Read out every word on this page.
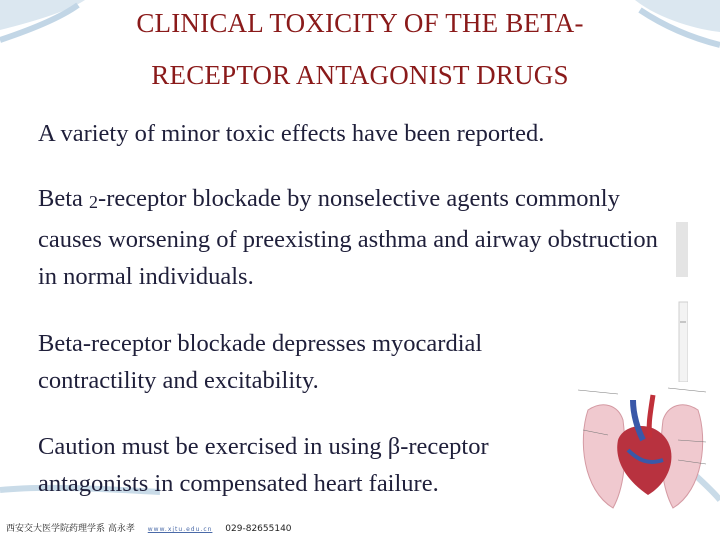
CLINICAL TOXICITY OF THE BETA-
RECEPTOR ANTAGONIST DRUGS
A variety of minor toxic effects have been reported.
Beta 2-receptor blockade by nonselective agents commonly causes worsening of preexisting asthma and airway obstruction in normal individuals.
Beta-receptor blockade depresses myocardial contractility and excitability.
Caution must be exercised in using β-receptor antagonists in compensated heart failure.
西安交大医学院药理学系 高永孝 www.xjtu.edu.cn 029-82655140
